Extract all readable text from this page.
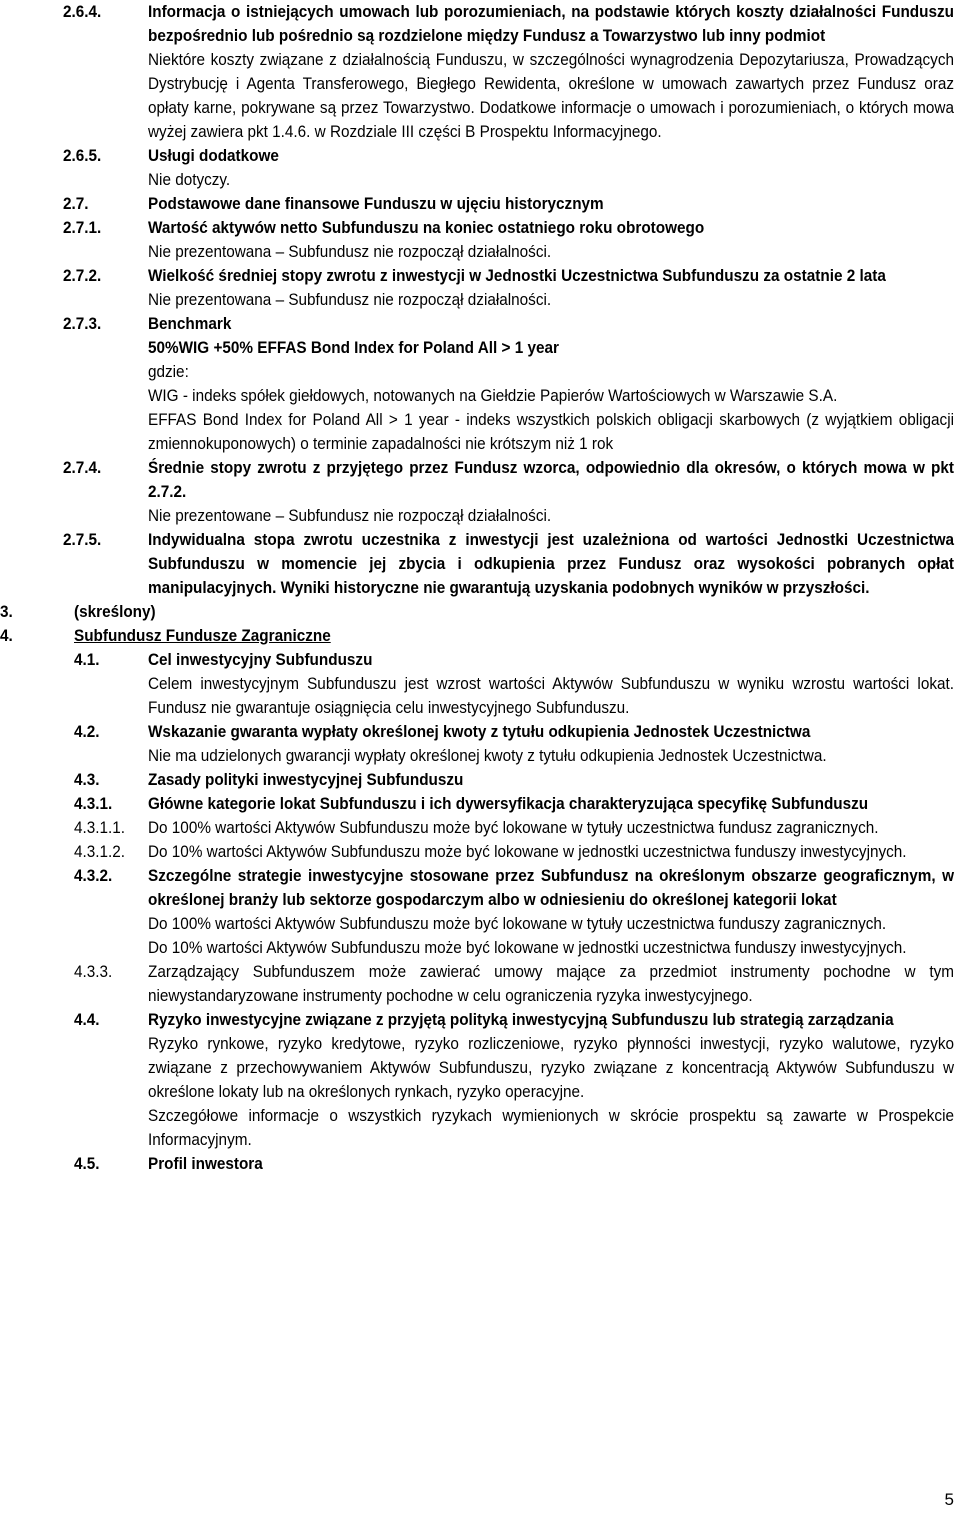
2.6.4.	Informacja o istniejących umowach lub porozumieniach, na podstawie których koszty działalności Funduszu bezpośrednio lub pośrednio są rozdzielone między Fundusz a Towarzystwo lub inny podmiot
Niektóre koszty związane z działalnością Funduszu, w szczególności wynagrodzenia Depozytariusza, Prowadzących Dystrybucję i Agenta Transferowego, Biegłego Rewidenta, określone w umowach zawartych przez Fundusz oraz opłaty karne, pokrywane są przez Towarzystwo. Dodatkowe informacje o umowach i porozumieniach, o których mowa wyżej zawiera pkt 1.4.6. w Rozdziale III części B Prospektu Informacyjnego.
2.6.5.	Usługi dodatkowe
Nie dotyczy.
2.7.	Podstawowe dane finansowe Funduszu w ujęciu historycznym
2.7.1.	Wartość aktywów netto Subfunduszu na koniec ostatniego roku obrotowego
Nie prezentowana – Subfundusz nie rozpoczął działalności.
2.7.2.	Wielkość średniej stopy zwrotu z inwestycji w Jednostki Uczestnictwa Subfunduszu za ostatnie 2 lata
Nie prezentowana – Subfundusz nie rozpoczął działalności.
2.7.3.	Benchmark
50%WIG +50% EFFAS Bond Index for Poland All > 1 year
gdzie:
WIG - indeks spółek giełdowych, notowanych na Giełdzie Papierów Wartościowych w Warszawie S.A.
EFFAS Bond Index for Poland All > 1 year - indeks wszystkich polskich obligacji skarbowych (z wyjątkiem obligacji zmiennokuponowych) o terminie zapadalności nie krótszym niż 1 rok
2.7.4.	Średnie stopy zwrotu z przyjętego przez Fundusz wzorca, odpowiednio dla okresów, o których mowa w pkt 2.7.2.
Nie prezentowane – Subfundusz nie rozpoczął działalności.
2.7.5.	Indywidualna stopa zwrotu uczestnika z inwestycji jest uzależniona od wartości Jednostki Uczestnictwa Subfunduszu w momencie jej zbycia i odkupienia przez Fundusz oraz wysokości pobranych opłat manipulacyjnych. Wyniki historyczne nie gwarantują uzyskania podobnych wyników w przyszłości.
3.	(skreślony)
4.	Subfundusz Fundusze Zagraniczne
4.1.	Cel inwestycyjny Subfunduszu
Celem inwestycyjnym Subfunduszu jest wzrost wartości Aktywów Subfunduszu w wyniku wzrostu wartości lokat. Fundusz nie gwarantuje osiągnięcia celu inwestycyjnego Subfunduszu.
4.2.	Wskazanie gwaranta wypłaty określonej kwoty z tytułu odkupienia Jednostek Uczestnictwa
Nie ma udzielonych gwarancji wypłaty określonej kwoty z tytułu odkupienia Jednostek Uczestnictwa.
4.3.	Zasady polityki inwestycyjnej Subfunduszu
4.3.1.	Główne kategorie lokat Subfunduszu i ich dywersyfikacja charakteryzująca specyfikę Subfunduszu
4.3.1.1.	Do 100% wartości Aktywów Subfunduszu może być lokowane w tytuły uczestnictwa fundusz zagranicznych.
4.3.1.2.	Do 10% wartości Aktywów Subfunduszu może być lokowane w jednostki uczestnictwa funduszy inwestycyjnych.
4.3.2.	Szczególne strategie inwestycyjne stosowane przez Subfundusz na określonym obszarze geograficznym, w określonej branży lub sektorze gospodarczym albo w odniesieniu do określonej kategorii lokat
Do 100% wartości Aktywów Subfunduszu może być lokowane w tytuły uczestnictwa funduszy zagranicznych.
Do 10% wartości Aktywów Subfunduszu może być lokowane w jednostki uczestnictwa funduszy inwestycyjnych.
4.3.3.	Zarządzający Subfunduszem może zawierać umowy mające za przedmiot instrumenty pochodne w tym niewystandaryzowane instrumenty pochodne w celu ograniczenia ryzyka inwestycyjnego.
4.4.	Ryzyko inwestycyjne związane z przyjętą polityką inwestycyjną Subfunduszu lub strategią zarządzania
Ryzyko rynkowe, ryzyko kredytowe, ryzyko rozliczeniowe, ryzyko płynności inwestycji, ryzyko walutowe, ryzyko związane z przechowywaniem Aktywów Subfunduszu, ryzyko związane z koncentracją Aktywów Subfunduszu w określone lokaty lub na określonych rynkach, ryzyko operacyjne.
Szczegółowe informacje o wszystkich ryzykach wymienionych w skrócie prospektu są zawarte w Prospekcie Informacyjnym.
4.5.	Profil inwestora
5
